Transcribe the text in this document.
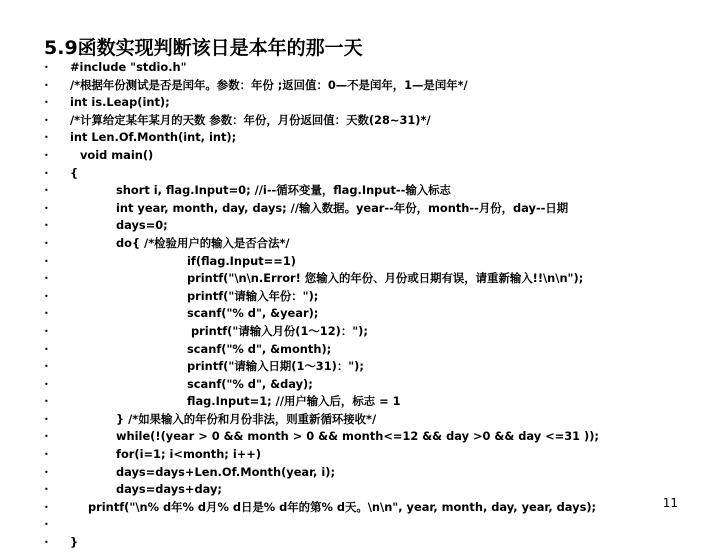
5.9函数实现判断该日是本年的那一天
• #include "stdio.h"
• /*根据年份测试是否是闰年。参数：年份 ;返回值：0—不是闰年，1—是闰年*/
• int is.Leap(int);
• /*计算给定某年某月的天数 参数：年份，月份返回值：天数(28~31)*/
• int Len.Of.Month(int, int);
•	void main()
• {
•	short i, flag.Input=0; //i--循环变量，flag.Input--输入标志
•	int year, month, day, days; //输入数据。year--年份，month--月份，day--日期
•	days=0;
•	do{ /*检验用户的输入是否合法*/
•	if(flag.Input==1)
•	printf("\n\n.Error! 您输入的年份、月份或日期有误，请重新输入!!\n\n");
•	printf("请输入年份：");
•	scanf("% d", &year);
•	printf("请输入月份(1～12)：");
•	scanf("% d", &month);
•	printf("请输入日期(1～31)：");
•	scanf("% d", &day);
•	flag.Input=1; //用户输入后，标志 = 1
•	} /*如果输入的年份和月份非法，则重新循环接收*/
•	while(!(year > 0 && month > 0 && month<=12 && day >0 && day <=31 ));
•	for(i=1; i<month; i++)
•	days=days+Len.Of.Month(year, i);
•	days=days+day;
•	printf("\n% d年% d月% d日是% d年的第% d天。\n\n", year, month, day, year, days);
•
• }
11
